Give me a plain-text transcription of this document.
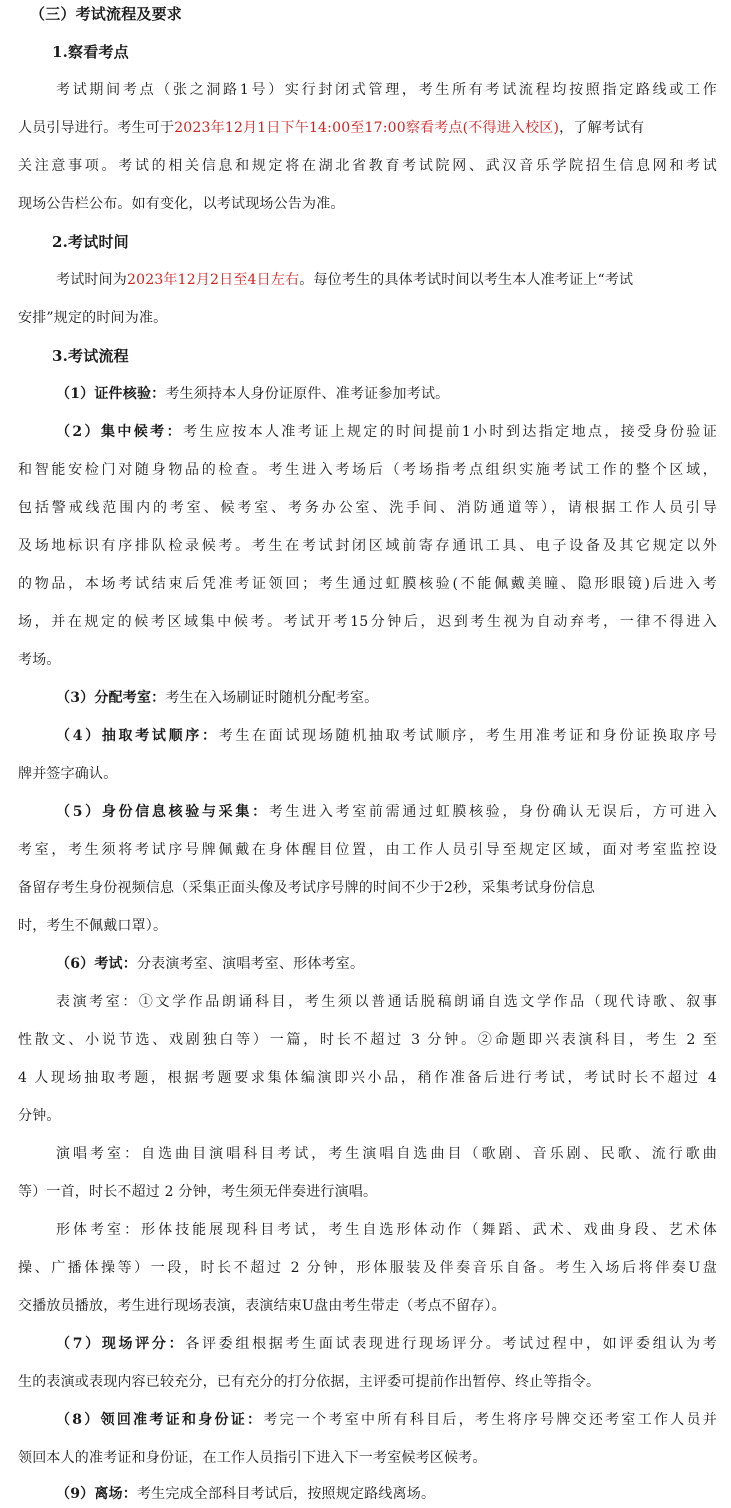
（三）考试流程及要求
1.察看考点
考试期间考点（张之洞路1号）实行封闭式管理，考生所有考试流程均按照指定路线或工作
人员引导进行。考生可于2023年12月1日下午14:00至17:00察看考点(不得进入校区)，了解考试有
关注意事项。考试的相关信息和规定将在湖北省教育考试院网、武汉音乐学院招生信息网和考试
现场公告栏公布。如有变化，以考试现场公告为准。
2.考试时间
考试时间为2023年12月2日至4日左右。每位考生的具体考试时间以考生本人准考证上“考试
安排”规定的时间为准。
3.考试流程
（1）证件核验：考生须持本人身份证原件、准考证参加考试。
（2）集中候考：考生应按本人准考证上规定的时间提前1小时到达指定地点，接受身份验证
和智能安检门对随身物品的检查。考生进入考场后（考场指考点组织实施考试工作的整个区域，
包括警戒线范围内的考室、候考室、考务办公室、洗手间、消防通道等），请根据工作人员引导
及场地标识有序排队检录候考。考生在考试封闭区域前寄存通讯工具、电子设备及其它规定以外
的物品，本场考试结束后凭准考证领回；考生通过虹膜核验(不能佩戴美瞳、隐形眼镜)后进入考
场，并在规定的候考区域集中候考。考试开考15分钟后，迟到考生视为自动弃考，一律不得进入
考场。
（3）分配考室：考生在入场刷证时随机分配考室。
（4）抽取考试顺序：考生在面试现场随机抽取考试顺序，考生用准考证和身份证换取序号
牌并签字确认。
（5）身份信息核验与采集：考生进入考室前需通过虹膜核验，身份确认无误后，方可进入
考室，考生须将考试序号牌佩戴在身体醒目位置，由工作人员引导至规定区域，面对考室监控设
备留存考生身份视频信息（采集正面头像及考试序号牌的时间不少于2秒，采集考试身份信息
时，考生不佩戴口罩）。
（6）考试：分表演考室、演唱考室、形体考室。
表演考室：①文学作品朗诵科目，考生须以普通话脱稿朗诵自选文学作品（现代诗歌、叙事
性散文、小说节选、戏剧独白等）一篇，时长不超过 3 分钟。②命题即兴表演科目，考生 2 至
4 人现场抽取考题，根据考题要求集体编演即兴小品，稍作准备后进行考试，考试时长不超过 4
分钟。
演唱考室：自选曲目演唱科目考试，考生演唱自选曲目（歌剧、音乐剧、民歌、流行歌曲
等）一首，时长不超过 2 分钟，考生须无伴奏进行演唱。
形体考室：形体技能展现科目考试，考生自选形体动作（舞蹈、武术、戏曲身段、艺术体
操、广播体操等）一段，时长不超过 2 分钟，形体服装及伴奏音乐自备。考生入场后将伴奏U盘
交播放员播放，考生进行现场表演，表演结束U盘由考生带走（考点不留存）。
（7）现场评分：各评委组根据考生面试表现进行现场评分。考试过程中，如评委组认为考
生的表演或表现内容已较充分，已有充分的打分依据，主评委可提前作出暂停、终止等指令。
（8）领回准考证和身份证：考完一个考室中所有科目后，考生将序号牌交还考室工作人员并
领回本人的准考证和身份证，在工作人员指引下进入下一考室候考区候考。
（9）离场：考生完成全部科目考试后，按照规定路线离场。
